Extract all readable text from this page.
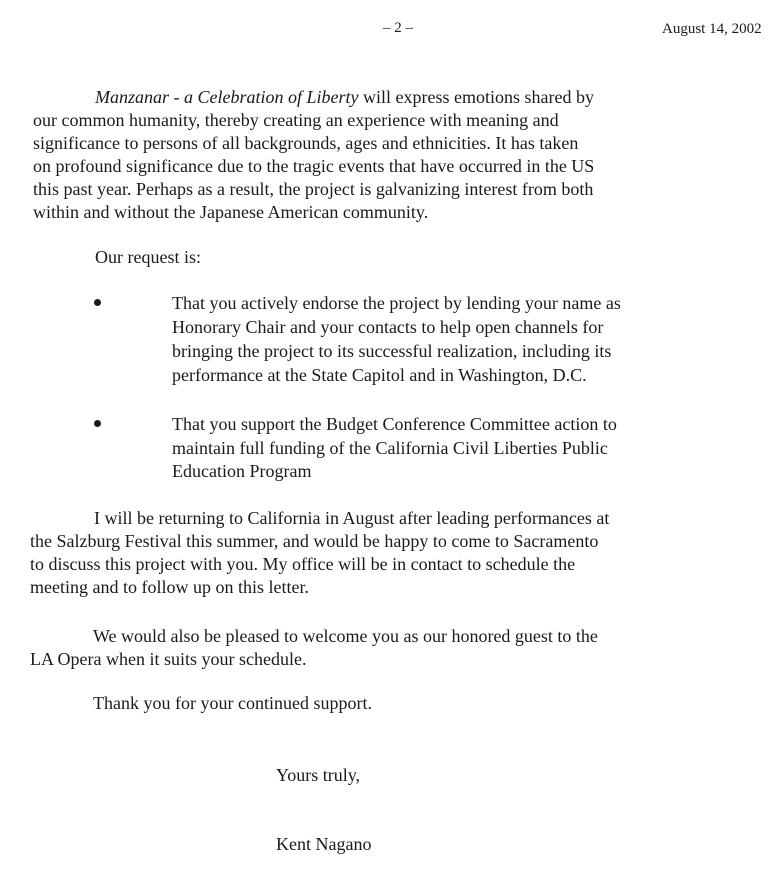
– 2 –	August 14, 2002
Manzanar - a Celebration of Liberty will express emotions shared by
our common humanity, thereby creating an experience with meaning and
significance to persons of all backgrounds, ages and ethnicities. It has taken
on profound significance due to the tragic events that have occurred in the US
this past year. Perhaps as a result, the project is galvanizing interest from both
within and without the Japanese American community.
Our request is:
That you actively endorse the project by lending your name as
Honorary Chair and your contacts to help open channels for
bringing the project to its successful realization, including its
performance at the State Capitol and in Washington, D.C.
That you support the Budget Conference Committee action to
maintain full funding of the California Civil Liberties Public
Education Program
I will be returning to California in August after leading performances at
the Salzburg Festival this summer, and would be happy to come to Sacramento
to discuss this project with you. My office will be in contact to schedule the
meeting and to follow up on this letter.
We would also be pleased to welcome you as our honored guest to the
LA Opera when it suits your schedule.
Thank you for your continued support.
Yours truly,
Kent Nagano
